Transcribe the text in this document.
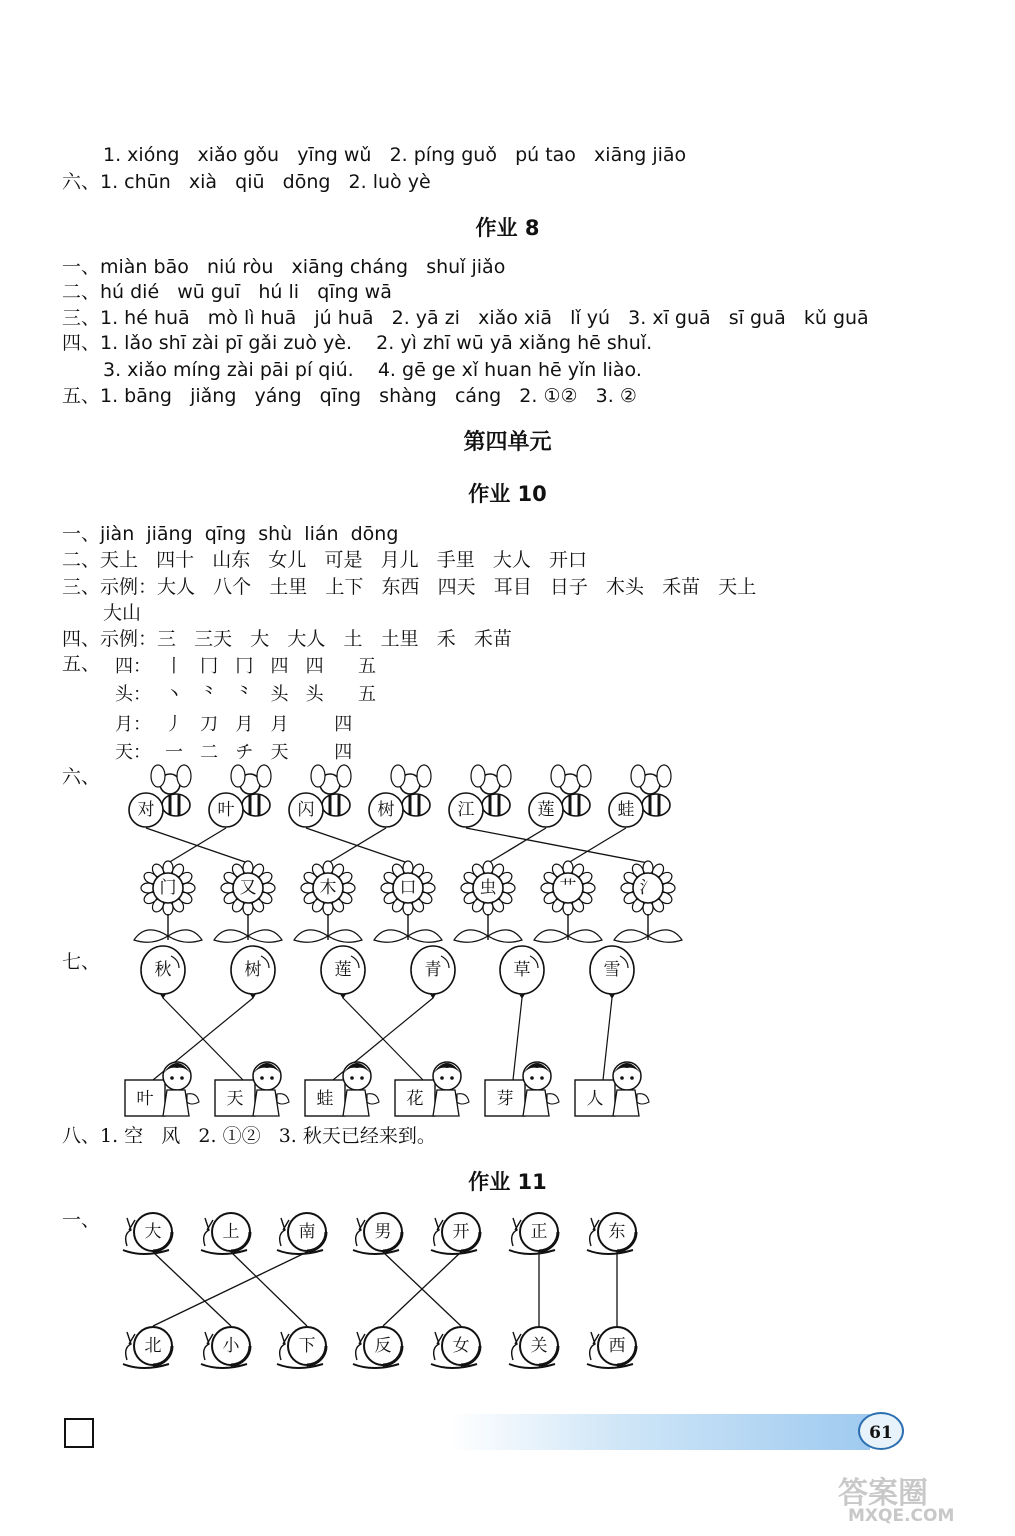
1. xióng   xiǎo gǒu   yīng wǔ   2. píng guǒ   pú tao   xiāng jiāo
六、1. chūn   xià   qiū   dōng   2. luò yè
作业 8
一、miàn bāo   niú ròu   xiāng cháng   shuǐ jiǎo
二、hú dié   wū guī   hú li   qīng wā
三、1. hé huā   mò lì huā   jú huā   2. yā zi   xiǎo xiā   lǐ yú   3. xī guā   sī guā   kǔ guā
四、1. lǎo shī zài pī gǎi zuò yè.    2. yì zhī wū yā xiǎng hē shuǐ.
3. xiǎo míng zài pāi pí qiú.    4. gē ge xǐ huan hē yǐn liào.
五、1. bāng   jiǎng   yáng   qīng   shàng   cáng   2. ①②   3. ②
第四单元
作业 10
一、jiàn  jiāng  qīng  shù  lián  dōng
二、天上   四十   山东   女儿   可是   月儿   手里   大人   开口
三、示例：大人   八个   土里   上下   东西   四天   耳目   日子   木头   禾苗   天上
大山
四、示例：三   三天   大   大人   土   土里   禾   禾苗
五、 四： 丨   冂   冂   四   四      五
头： 丶   ⺀   ⺀   头   头      五
月： 丿   刀   月   月        四
天： 一   二   チ   天        四
六、
七、
八、1. 空   风   2. ①②   3. 秋天已经来到。
作业 11
一、
对	叶	闪	树	江	莲	蛙
门	又	木	口	虫	艹	氵
秋	树	莲	青	草	雪
叶	天	蛙	花	芽	人
大	上	南	男	开	正	东
北	小	下	反	女	关	西
61
答案圈
MXQE.COM
